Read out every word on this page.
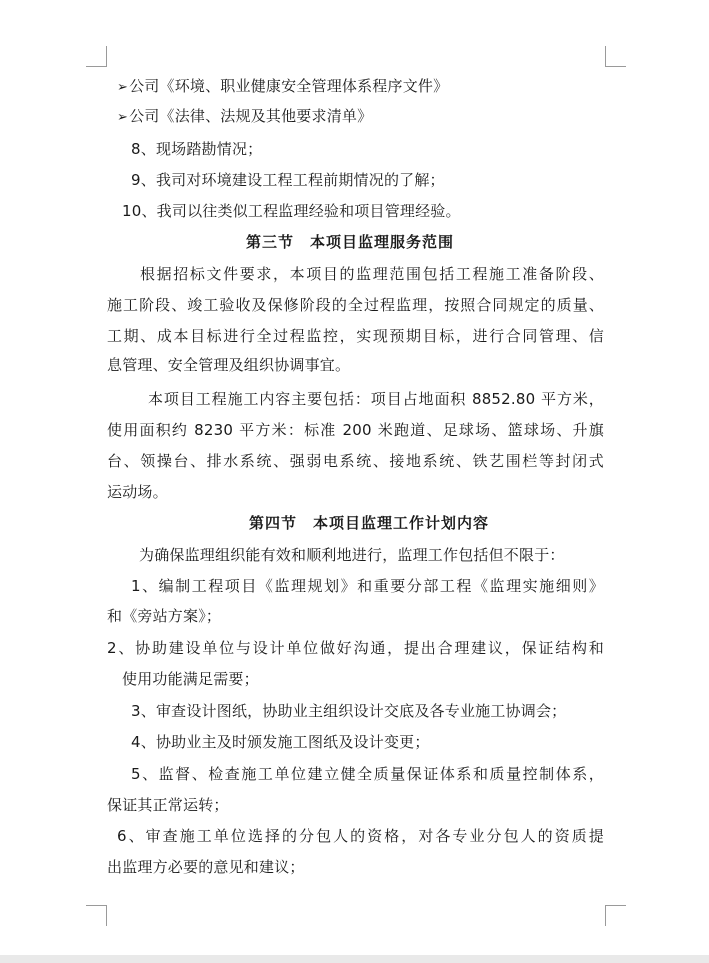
➢公司《环境、职业健康安全管理体系程序文件》
➢公司《法律、法规及其他要求清单》
8、现场踏勘情况；
9、我司对环境建设工程工程前期情况的了解；
10、我司以往类似工程监理经验和项目管理经验。
第三节　本项目监理服务范围
根据招标文件要求，本项目的监理范围包括工程施工准备阶段、
施工阶段、竣工验收及保修阶段的全过程监理，按照合同规定的质量、
工期、成本目标进行全过程监控，实现预期目标，进行合同管理、信
息管理、安全管理及组织协调事宜。
本项目工程施工内容主要包括：项目占地面积 8852.80 平方米，
使用面积约 8230 平方米：标准 200 米跑道、足球场、篮球场、升旗
台、领操台、排水系统、强弱电系统、接地系统、铁艺围栏等封闭式
运动场。
第四节　本项目监理工作计划内容
为确保监理组织能有效和顺利地进行，监理工作包括但不限于：
1、编制工程项目《监理规划》和重要分部工程《监理实施细则》
和《旁站方案》；
2、协助建设单位与设计单位做好沟通，提出合理建议，保证结构和
使用功能满足需要；
3、审查设计图纸，协助业主组织设计交底及各专业施工协调会；
4、协助业主及时颁发施工图纸及设计变更；
5、监督、检查施工单位建立健全质量保证体系和质量控制体系，
保证其正常运转；
6、审查施工单位选择的分包人的资格，对各专业分包人的资质提
出监理方必要的意见和建议；
